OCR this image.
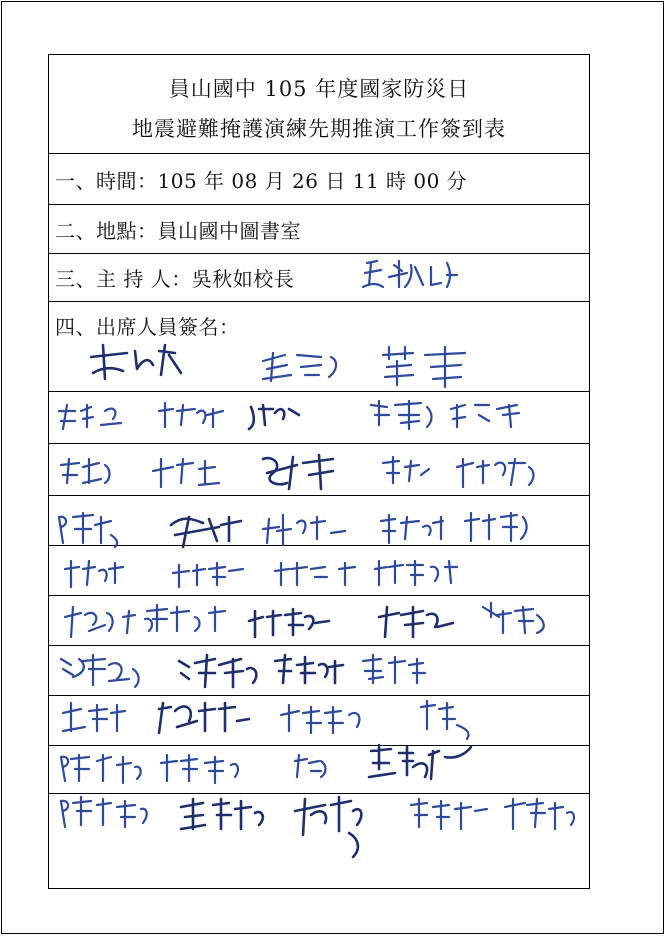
員山國中 105 年度國家防災日
地震避難掩護演練先期推演工作簽到表
一、時間：105 年 08 月 26 日 11 時 00 分
二、地點：員山國中圖書室
三、主 持 人：吳秋如校長
四、出席人員簽名：
